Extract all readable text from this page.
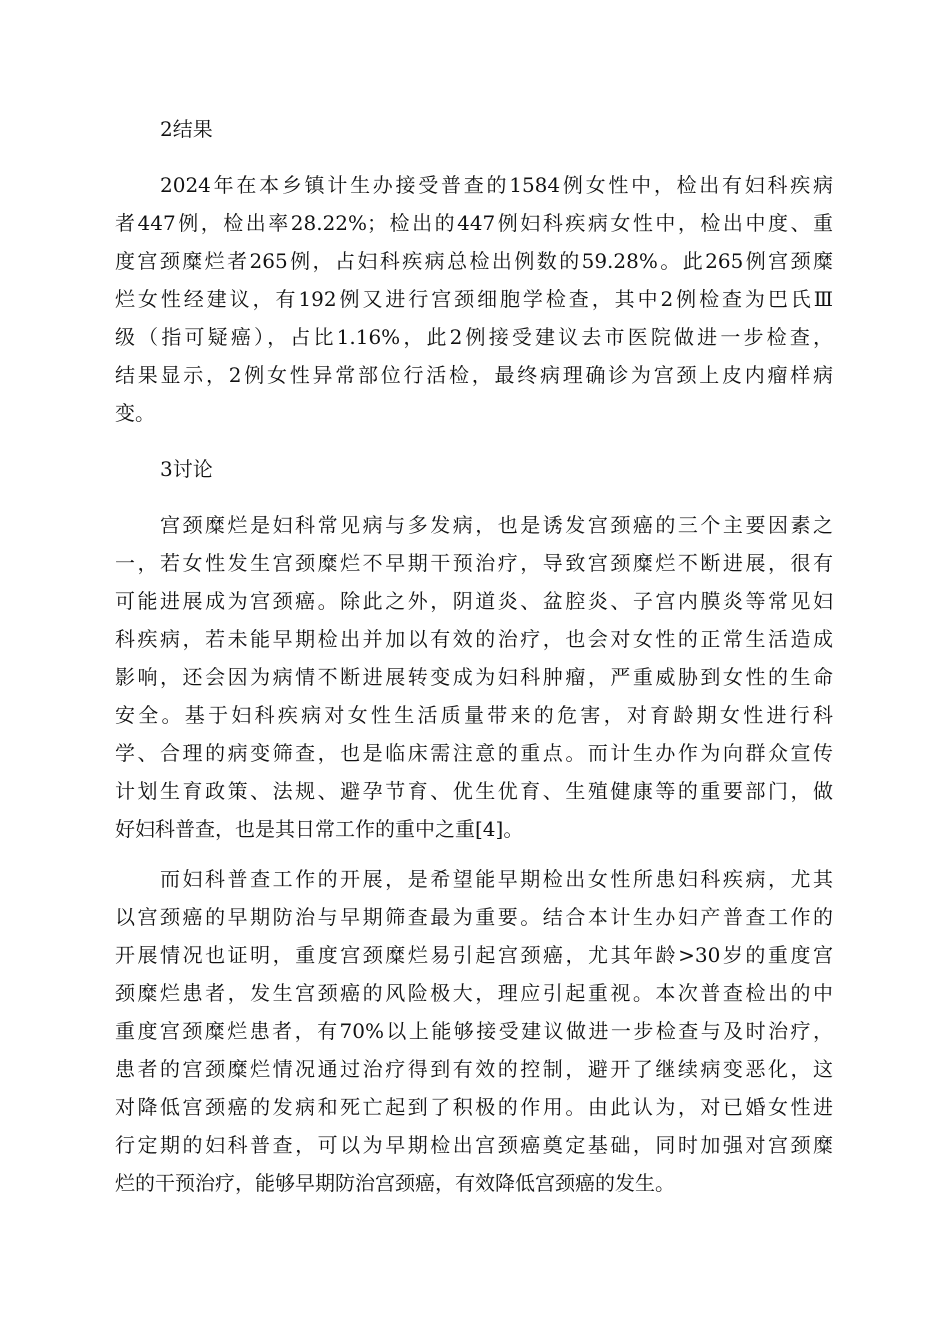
2结果
2024年在本乡镇计生办接受普查的1584例女性中，检出有妇科疾病
者447例，检出率28.22%；检出的447例妇科疾病女性中，检出中度、重
度宫颈糜烂者265例，占妇科疾病总检出例数的59.28%。此265例宫颈糜
烂女性经建议，有192例又进行宫颈细胞学检查，其中2例检查为巴氏Ⅲ
级（指可疑癌），占比1.16%，此2例接受建议去市医院做进一步检查，
结果显示，2例女性异常部位行活检，最终病理确诊为宫颈上皮内瘤样病
变。
3讨论
宫颈糜烂是妇科常见病与多发病，也是诱发宫颈癌的三个主要因素之
一，若女性发生宫颈糜烂不早期干预治疗，导致宫颈糜烂不断进展，很有
可能进展成为宫颈癌。除此之外，阴道炎、盆腔炎、子宫内膜炎等常见妇
科疾病，若未能早期检出并加以有效的治疗，也会对女性的正常生活造成
影响，还会因为病情不断进展转变成为妇科肿瘤，严重威胁到女性的生命
安全。基于妇科疾病对女性生活质量带来的危害，对育龄期女性进行科
学、合理的病变筛查，也是临床需注意的重点。而计生办作为向群众宣传
计划生育政策、法规、避孕节育、优生优育、生殖健康等的重要部门，做
好妇科普查，也是其日常工作的重中之重[4]。
而妇科普查工作的开展，是希望能早期检出女性所患妇科疾病，尤其
以宫颈癌的早期防治与早期筛查最为重要。结合本计生办妇产普查工作的
开展情况也证明，重度宫颈糜烂易引起宫颈癌，尤其年龄>30岁的重度宫
颈糜烂患者，发生宫颈癌的风险极大，理应引起重视。本次普查检出的中
重度宫颈糜烂患者，有70%以上能够接受建议做进一步检查与及时治疗，
患者的宫颈糜烂情况通过治疗得到有效的控制，避开了继续病变恶化，这
对降低宫颈癌的发病和死亡起到了积极的作用。由此认为，对已婚女性进
行定期的妇科普查，可以为早期检出宫颈癌奠定基础，同时加强对宫颈糜
烂的干预治疗，能够早期防治宫颈癌，有效降低宫颈癌的发生。
